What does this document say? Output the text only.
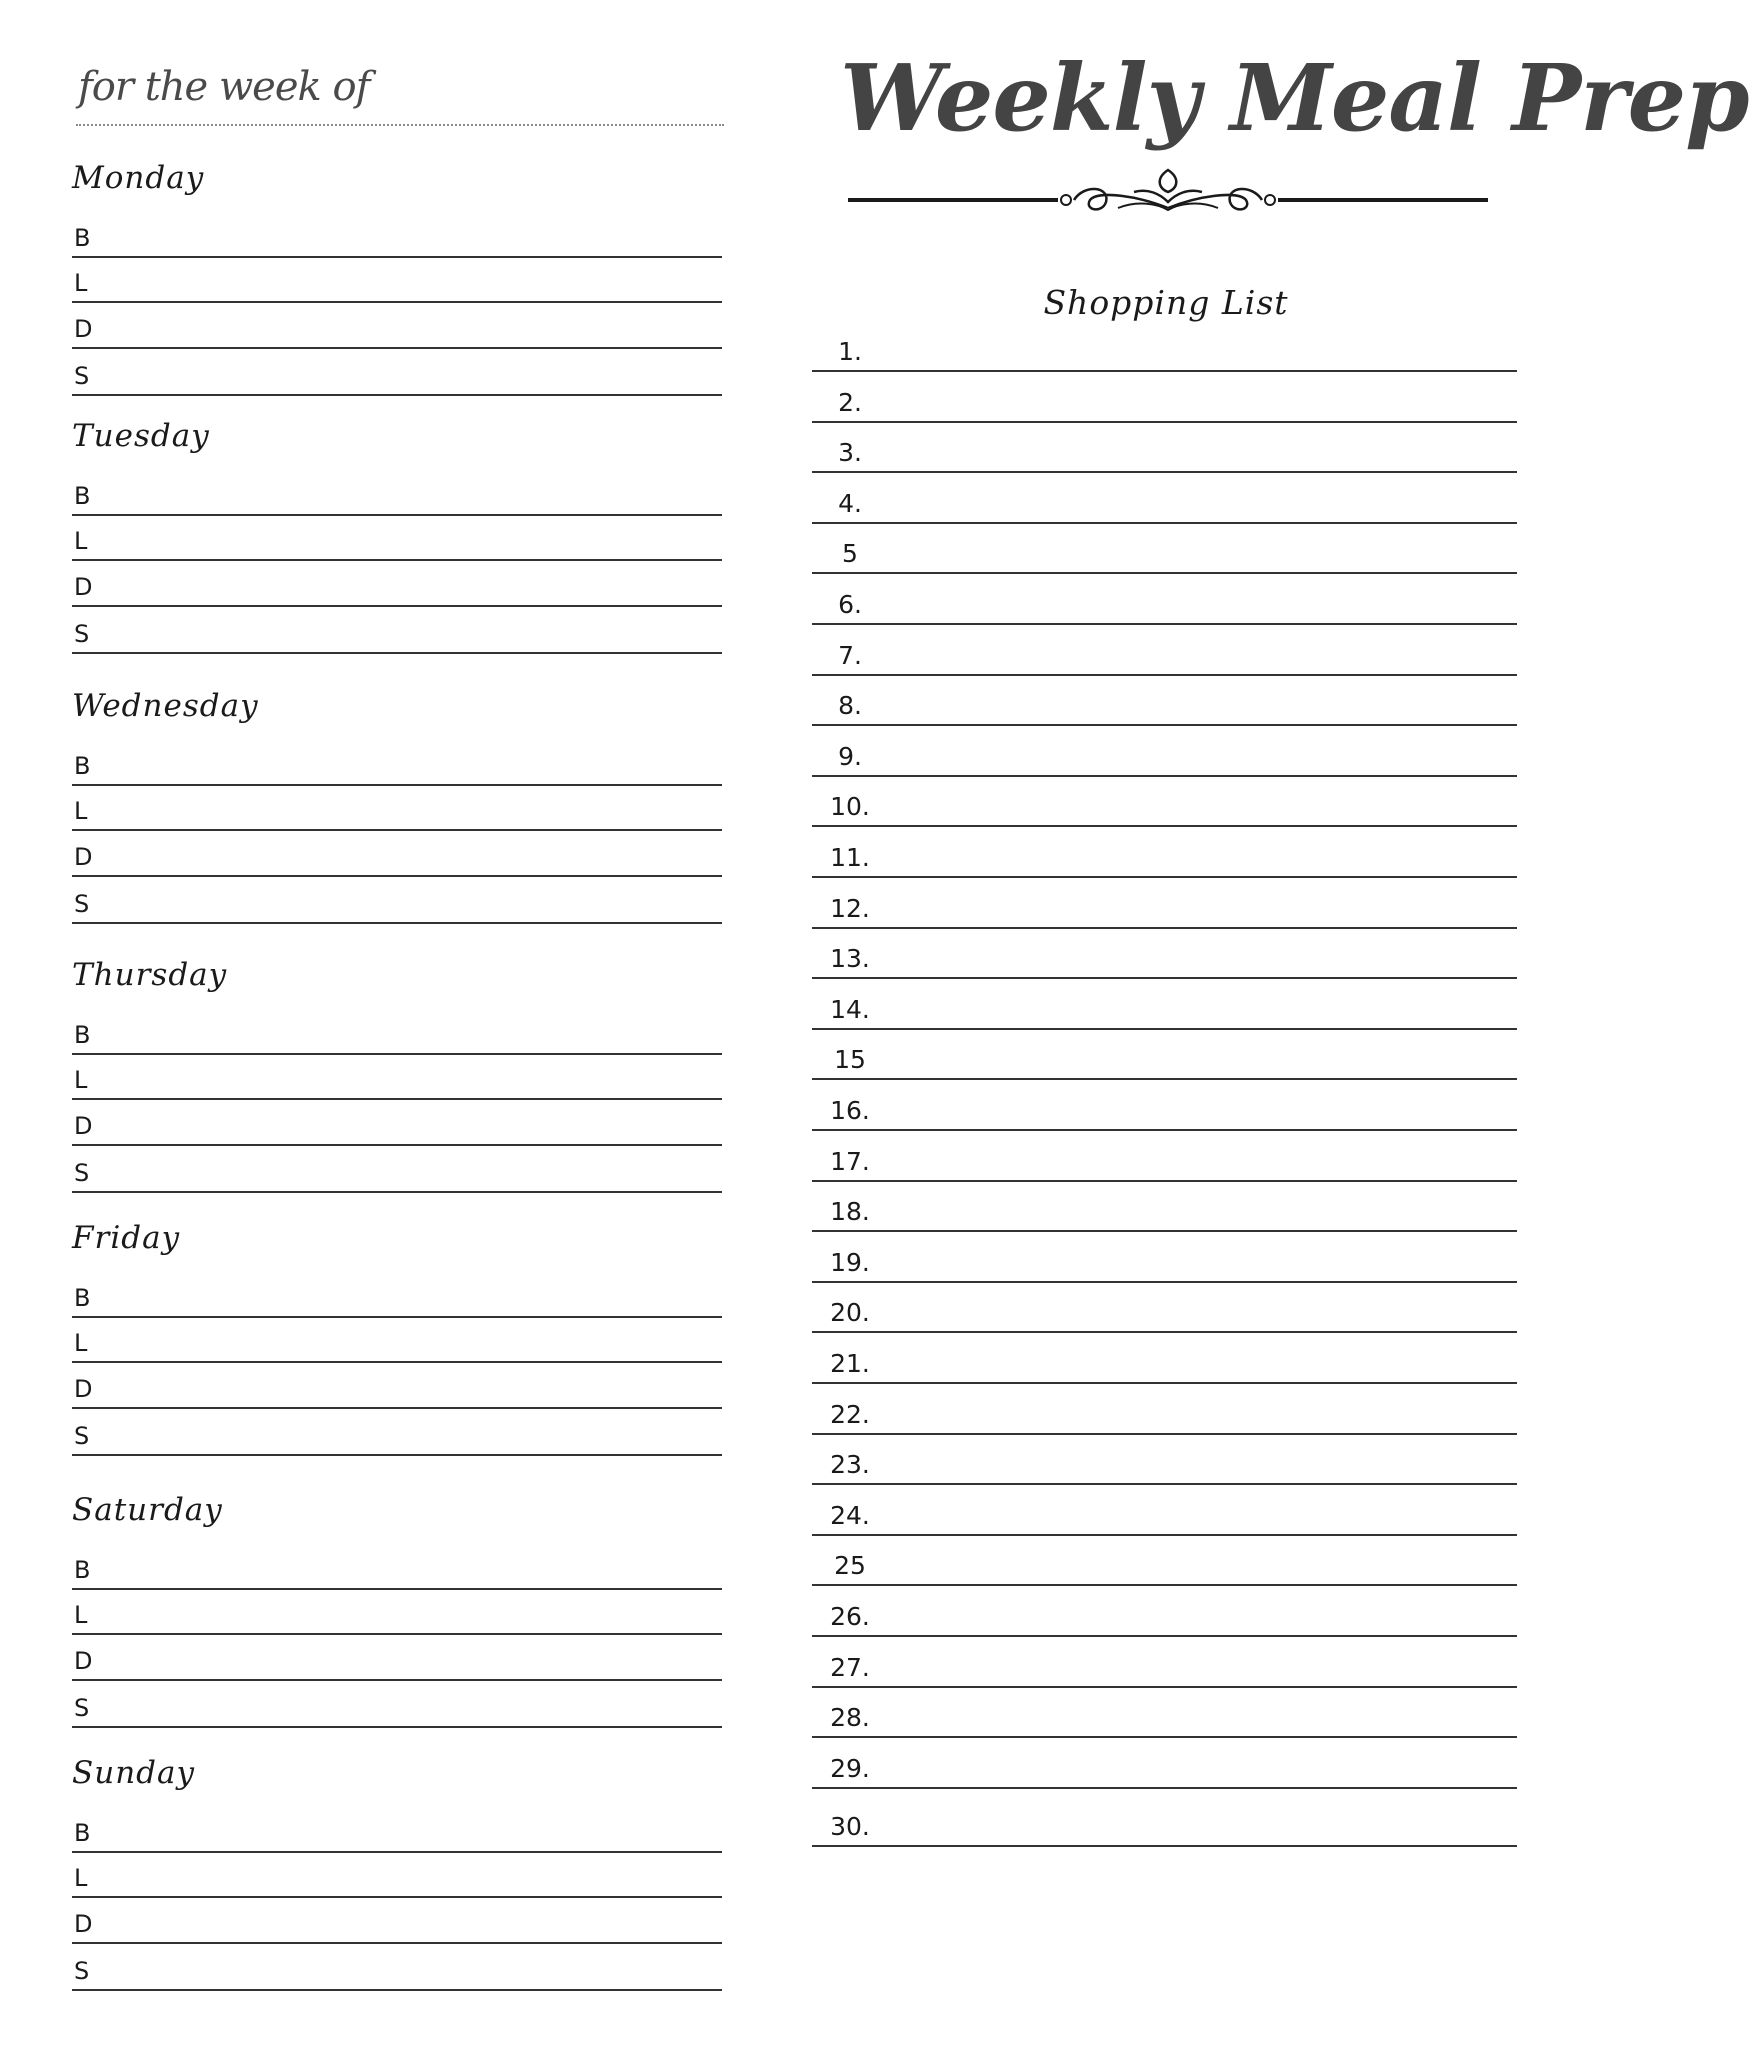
for the week of
Monday
B
L
D
S
Tuesday
B
L
D
S
Wednesday
B
L
D
S
Thursday
B
L
D
S
Friday
B
L
D
S
Saturday
B
L
D
S
Sunday
B
L
D
S
Weekly Meal Prep
Shopping List
1.
2.
3.
4.
5
6.
7.
8.
9.
10.
11.
12.
13.
14.
15
16.
17.
18.
19.
20.
21.
22.
23.
24.
25
26.
27.
28.
29.
30.
